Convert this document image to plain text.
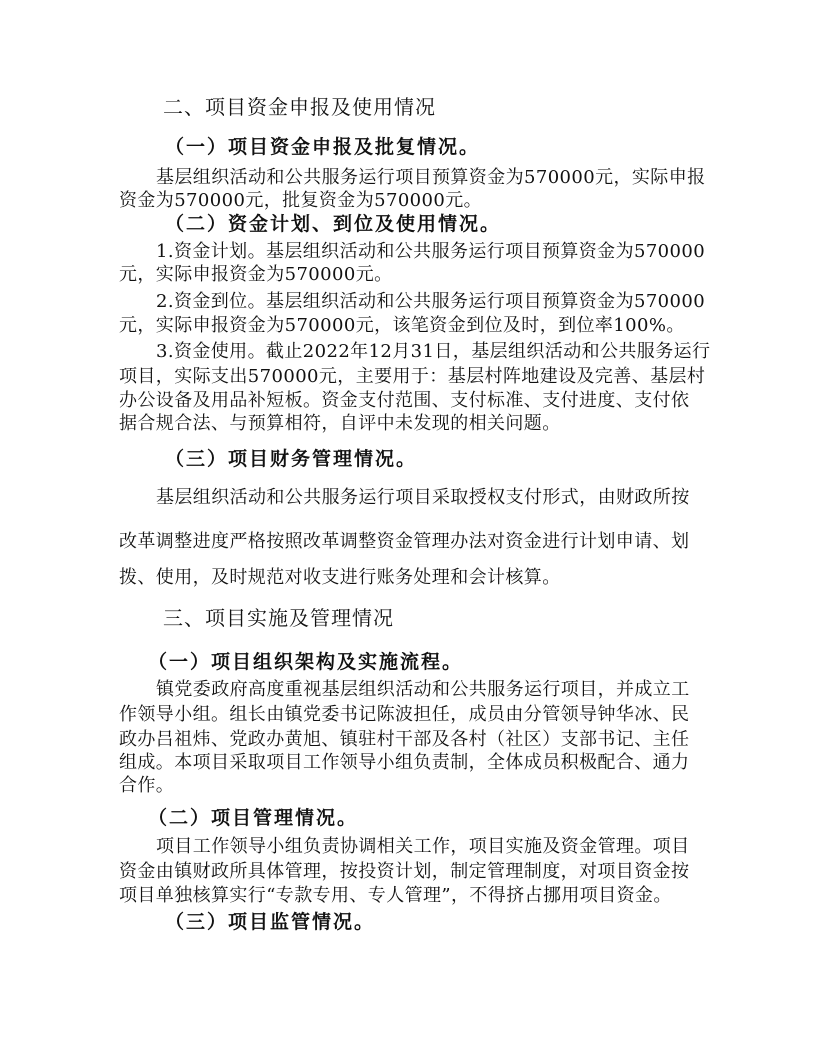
二、项目资金申报及使用情况
（一）项目资金申报及批复情况。
基层组织活动和公共服务运行项目预算资金为570000元，实际申报
资金为570000元，批复资金为570000元。
（二）资金计划、到位及使用情况。
1.资金计划。基层组织活动和公共服务运行项目预算资金为570000
元，实际申报资金为570000元。
2.资金到位。基层组织活动和公共服务运行项目预算资金为570000
元，实际申报资金为570000元，该笔资金到位及时，到位率100%。
3.资金使用。截止2022年12月31日，基层组织活动和公共服务运行
项目，实际支出570000元，主要用于：基层村阵地建设及完善、基层村
办公设备及用品补短板。资金支付范围、支付标准、支付进度、支付依
据合规合法、与预算相符，自评中未发现的相关问题。
（三）项目财务管理情况。
基层组织活动和公共服务运行项目采取授权支付形式，由财政所按
改革调整进度严格按照改革调整资金管理办法对资金进行计划申请、划
拨、使用，及时规范对收支进行账务处理和会计核算。
三、项目实施及管理情况
（一）项目组织架构及实施流程。
镇党委政府高度重视基层组织活动和公共服务运行项目，并成立工
作领导小组。组长由镇党委书记陈波担任，成员由分管领导钟华冰、民
政办吕祖炜、党政办黄旭、镇驻村干部及各村（社区）支部书记、主任
组成。本项目采取项目工作领导小组负责制，全体成员积极配合、通力
合作。
（二）项目管理情况。
项目工作领导小组负责协调相关工作，项目实施及资金管理。项目
资金由镇财政所具体管理，按投资计划，制定管理制度，对项目资金按
项目单独核算实行“专款专用、专人管理”，不得挤占挪用项目资金。
（三）项目监管情况。
